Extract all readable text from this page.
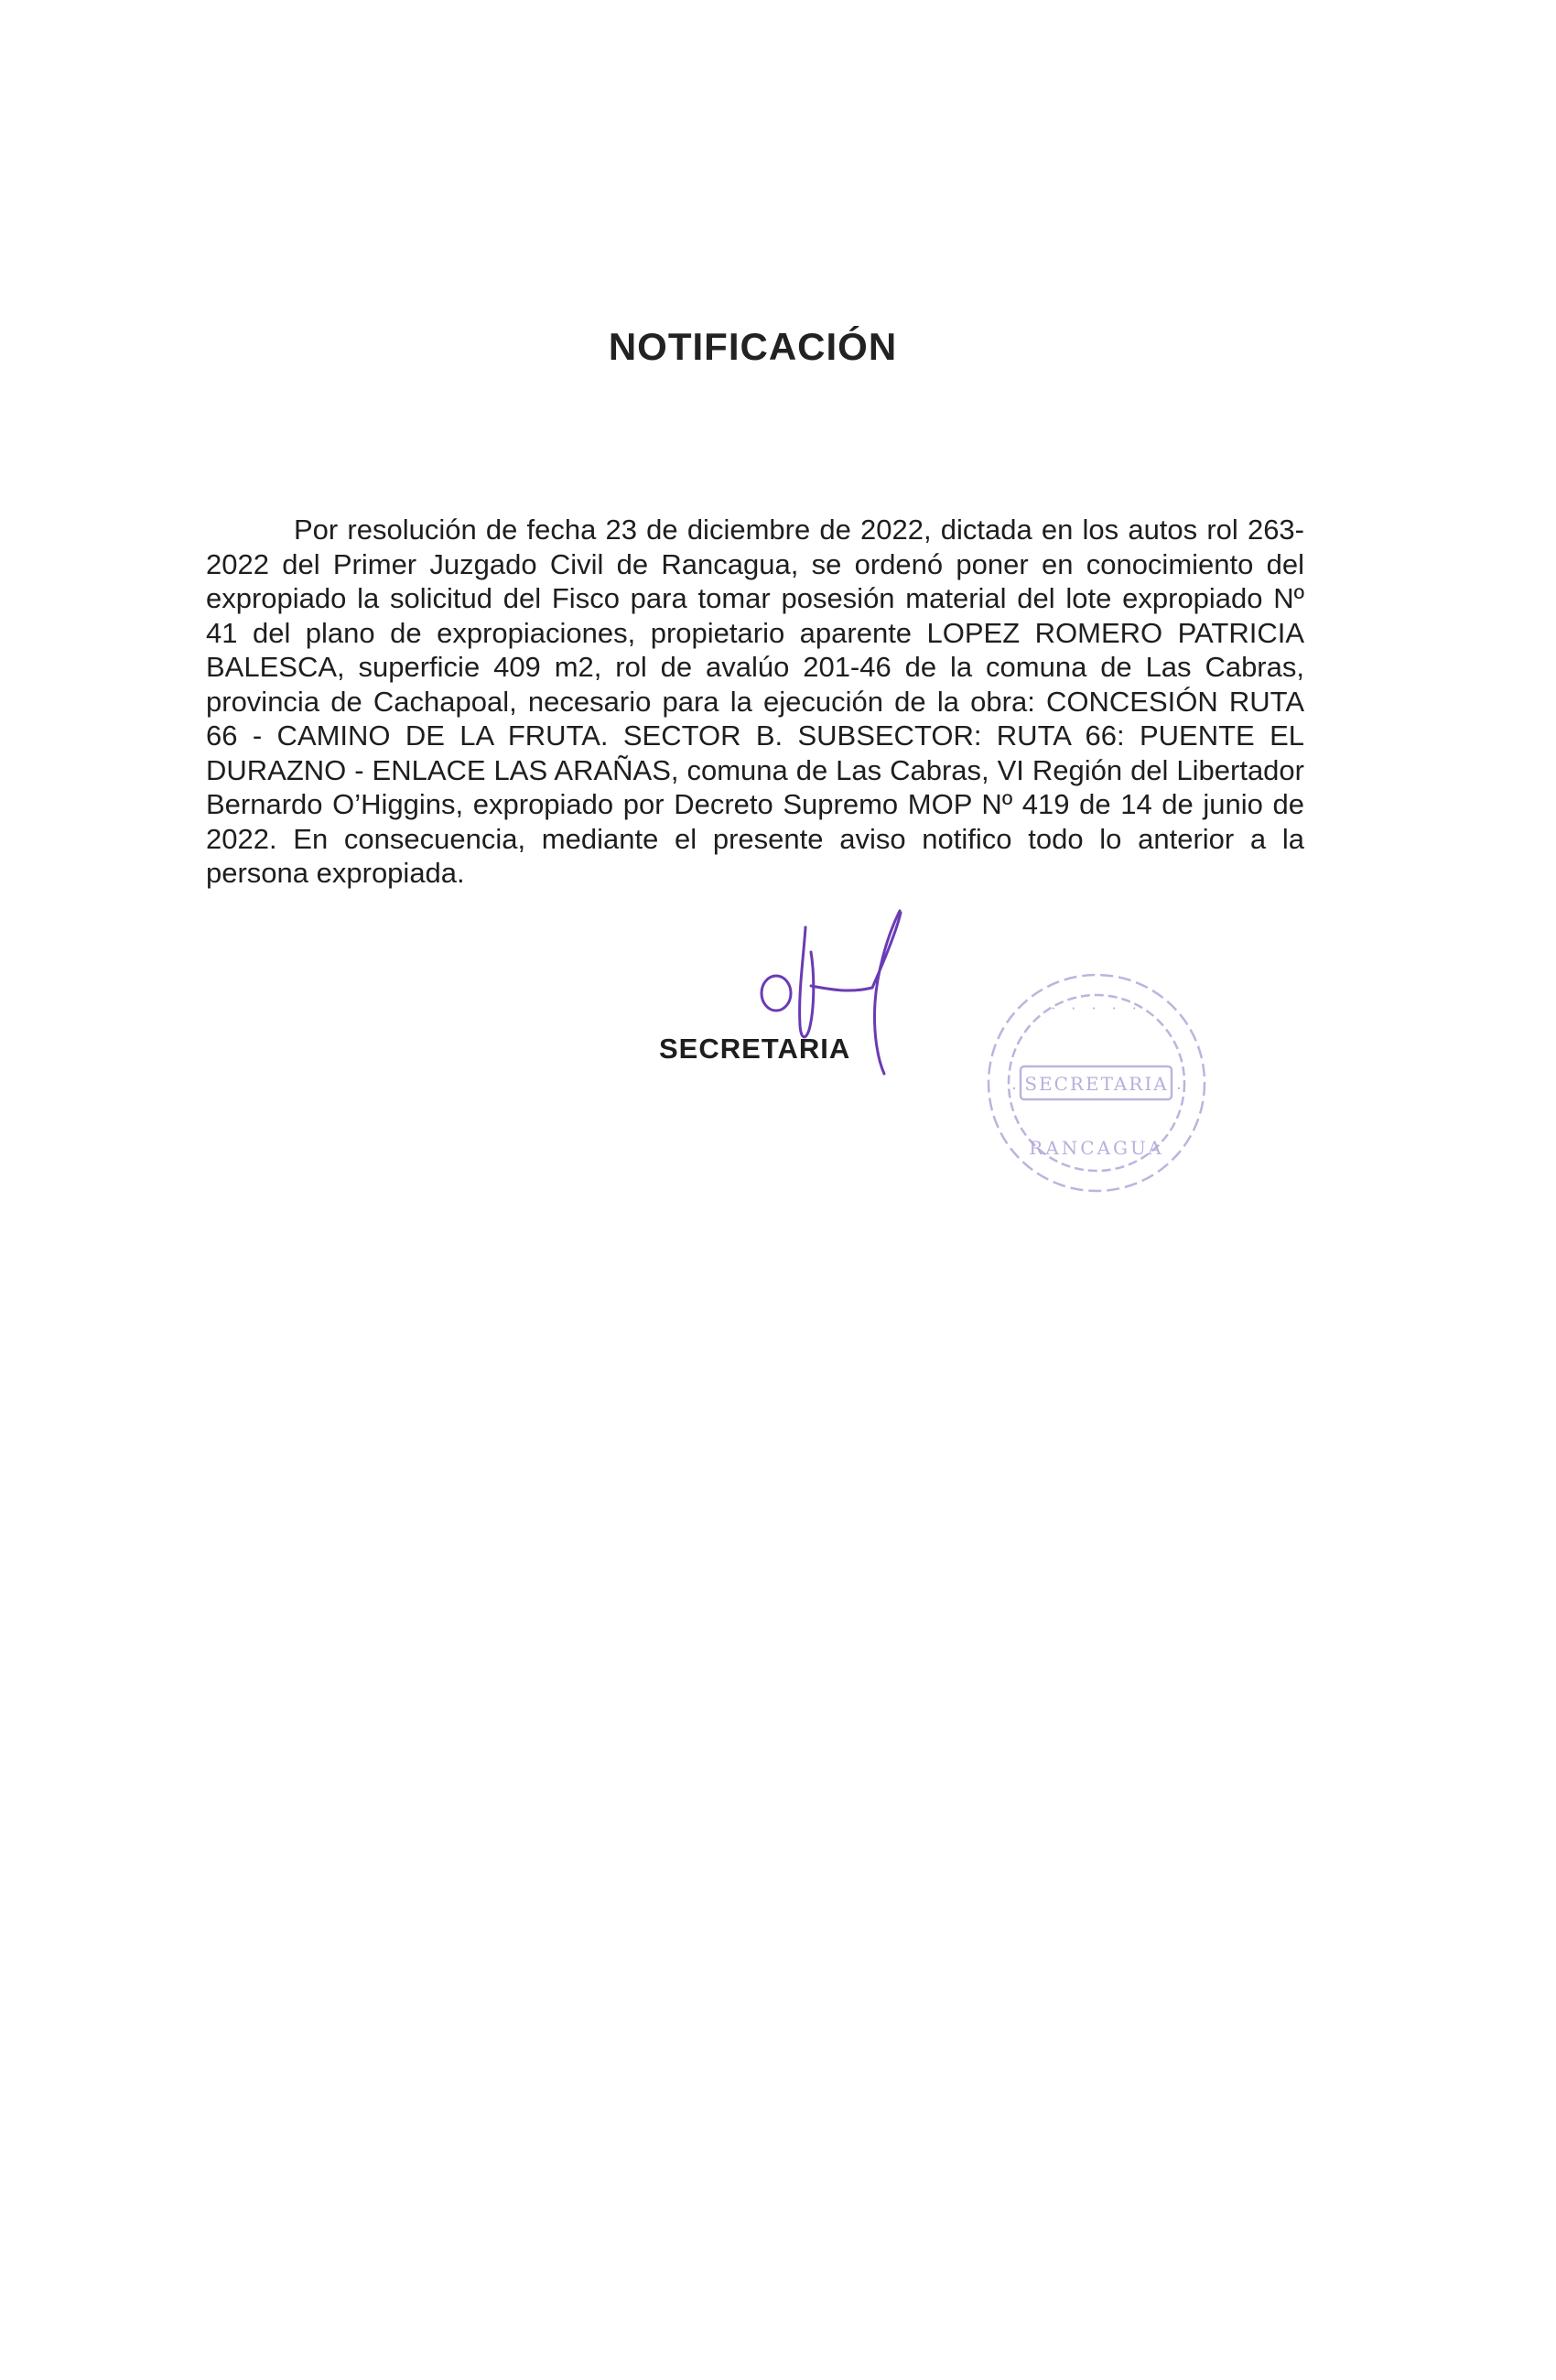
NOTIFICACIÓN

Por resolución de fecha 23 de diciembre de 2022, dictada en los autos rol 263-2022 del Primer Juzgado Civil de Rancagua, se ordenó poner en conocimiento del expropiado la solicitud del Fisco para tomar posesión material del lote expropiado Nº 41 del plano de expropiaciones, propietario aparente LOPEZ ROMERO PATRICIA BALESCA, superficie 409 m2, rol de avalúo 201-46 de la comuna de Las Cabras, provincia de Cachapoal, necesario para la ejecución de la obra: CONCESIÓN RUTA 66 - CAMINO DE LA FRUTA. SECTOR B. SUBSECTOR: RUTA 66: PUENTE EL DURAZNO - ENLACE LAS ARAÑAS, comuna de Las Cabras, VI Región del Libertador Bernardo O’Higgins, expropiado por Decreto Supremo MOP Nº 419 de 14 de junio de 2022. En consecuencia, mediante el presente aviso notifico todo lo anterior a la persona expropiada.

SECRETARIA
SECRETARIA
RANCAGUA
· · · · ·
·	·
